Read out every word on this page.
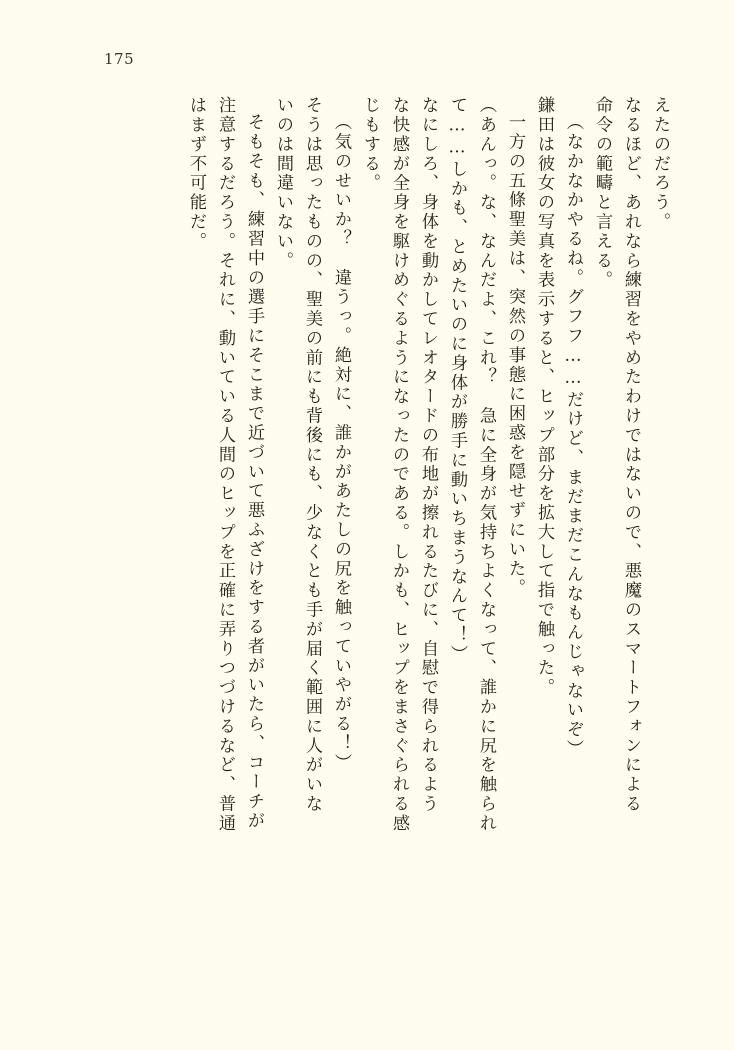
175
えたのだろう。
なるほど、あれなら練習をやめたわけではないので、悪魔のスマートフォンによる
命令の範疇と言える。
（なかなかやるね。グフフ……だけど、まだまだこんなもんじゃないぞ）
鎌田は彼女の写真を表示すると、ヒップ部分を拡大して指で触った。
一方の五條聖美は、突然の事態に困惑を隠せずにいた。
（あんっ。な、なんだよ、これ？　急に全身が気持ちよくなって、誰かに尻を触られ
て……しかも、とめたいのに身体が勝手に動いちまうなんて！）
なにしろ、身体を動かしてレオタードの布地が擦れるたびに、自慰で得られるよう
な快感が全身を駆けめぐるようになったのである。しかも、ヒップをまさぐられる感
じもする。
（気のせいか？　違うっ。絶対に、誰かがあたしの尻を触っていやがる！）
そうは思ったものの、聖美の前にも背後にも、少なくとも手が届く範囲に人がいな
いのは間違いない。
そもそも、練習中の選手にそこまで近づいて悪ふざけをする者がいたら、コーチが
注意するだろう。それに、動いている人間のヒップを正確に弄りつづけるなど、普通
はまず不可能だ。
